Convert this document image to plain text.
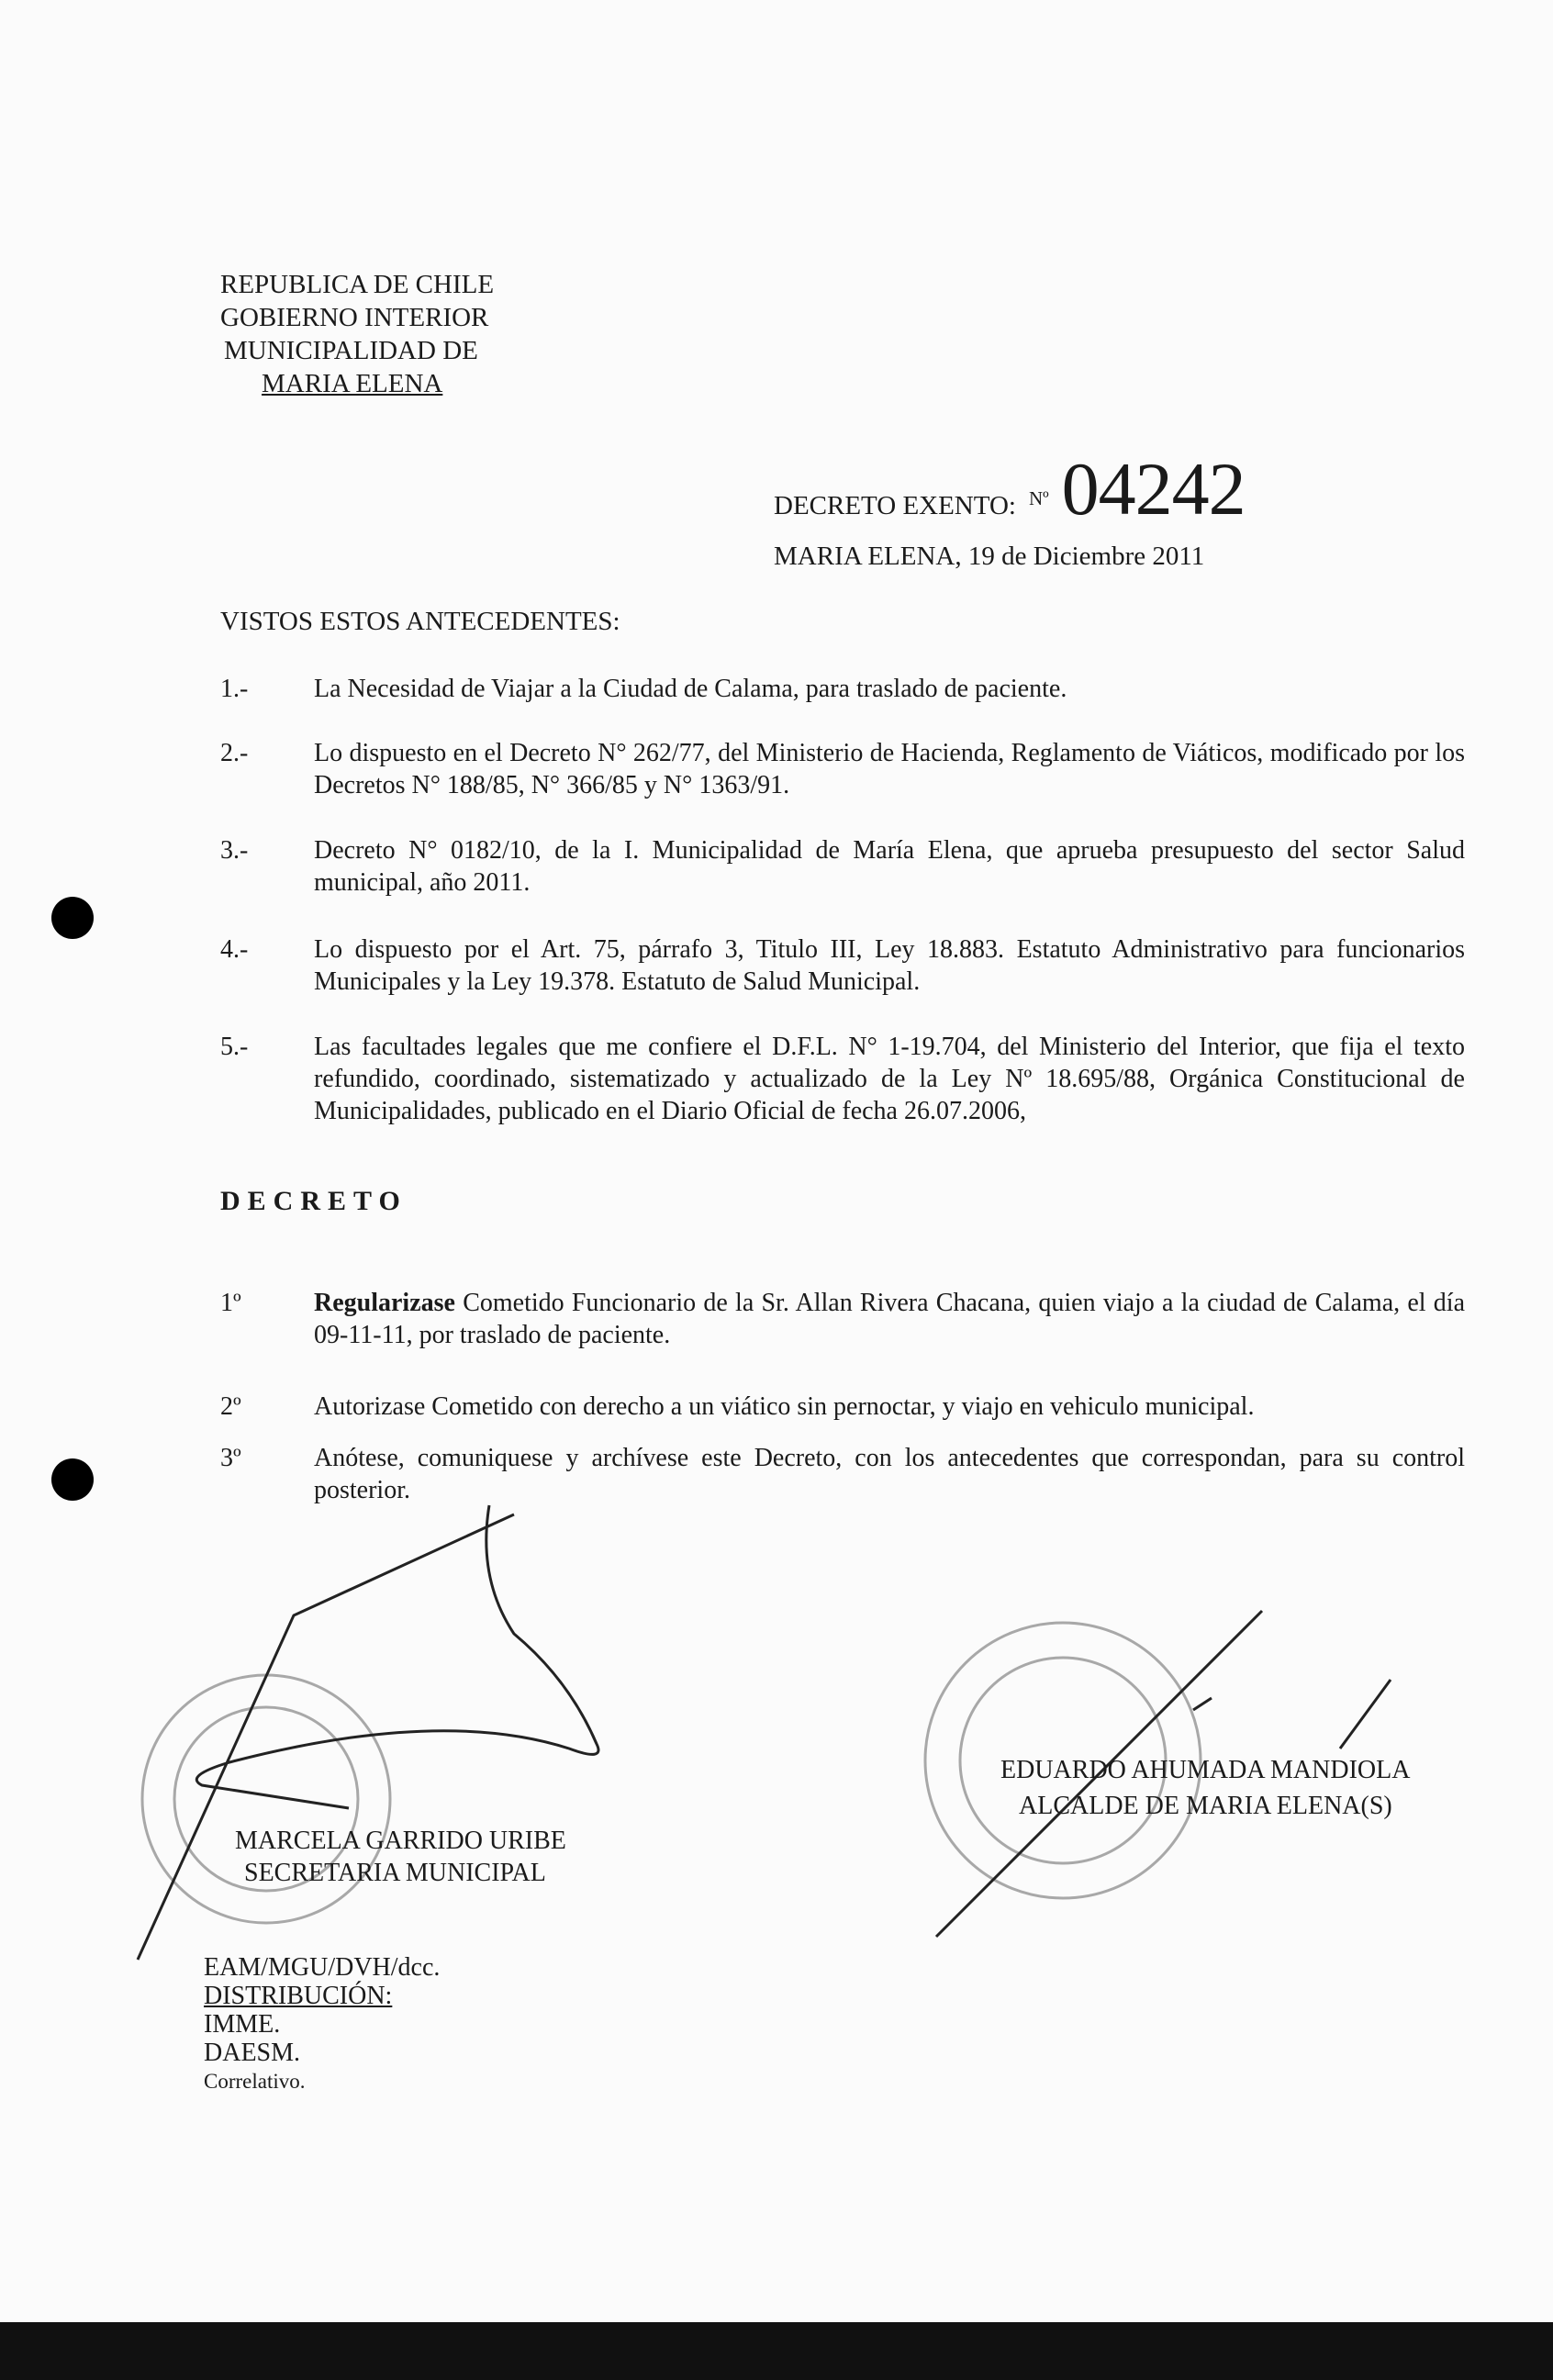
REPUBLICA DE CHILE
GOBIERNO INTERIOR
MUNICIPALIDAD DE
MARIA ELENA
DECRETO EXENTO: Nº 04242
MARIA ELENA, 19 de Diciembre 2011
VISTOS ESTOS ANTECEDENTES:
1.-	La Necesidad de Viajar a la Ciudad de Calama, para traslado de paciente.
2.-	Lo dispuesto en el Decreto N° 262/77, del Ministerio de Hacienda, Reglamento de Viáticos, modificado por los Decretos N° 188/85, N° 366/85 y N° 1363/91.
3.-	Decreto N° 0182/10, de la I. Municipalidad de María Elena, que aprueba presupuesto del sector Salud municipal, año 2011.
4.-	Lo dispuesto por el Art. 75, párrafo 3, Titulo III, Ley 18.883. Estatuto Administrativo para funcionarios Municipales y la Ley 19.378. Estatuto de Salud Municipal.
5.-	Las facultades legales que me confiere el D.F.L. N° 1-19.704, del Ministerio del Interior, que fija el texto refundido, coordinado, sistematizado y actualizado de la Ley Nº 18.695/88, Orgánica Constitucional de Municipalidades, publicado en el Diario Oficial de fecha 26.07.2006,
DECRETO
1º	Regularizase Cometido Funcionario de la Sr. Allan Rivera Chacana, quien viajo a la ciudad de Calama, el día 09-11-11, por traslado de paciente.
2º	Autorizase Cometido con derecho a un viático sin pernoctar, y viajo en vehiculo municipal.
3º	Anótese, comuniquese y archívese este Decreto, con los antecedentes que correspondan, para su control posterior.
MARCELA GARRIDO URIBE
SECRETARIA MUNICIPAL
EDUARDO AHUMADA MANDIOLA
ALCALDE DE MARIA ELENA(S)
EAM/MGU/DVH/dcc.
DISTRIBUCIÓN:
IMME.
DAESM.
Correlativo.
